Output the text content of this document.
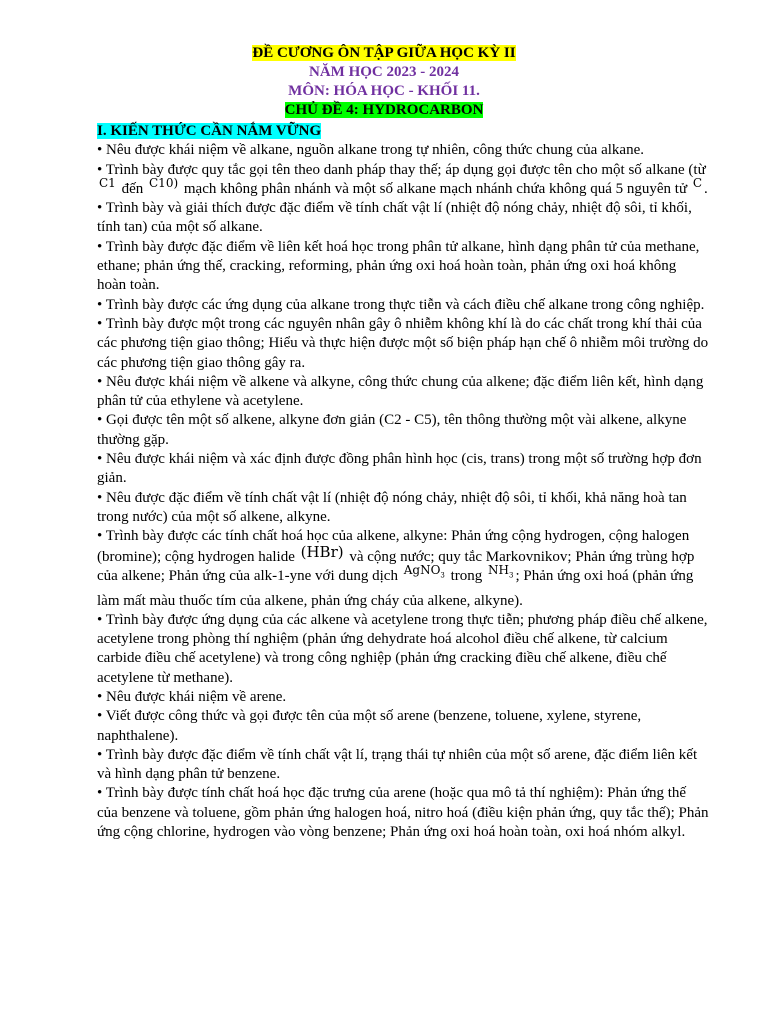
ĐỀ CƯƠNG ÔN TẬP GIỮA HỌC KỲ II
NĂM HỌC 2023 - 2024
MÔN: HÓA HỌC - KHỐI 11.
CHỦ ĐỀ 4: HYDROCARBON
I. KIẾN THỨC CẦN NẮM VỮNG

• Nêu được khái niệm về alkane, nguồn alkane trong tự nhiên, công thức chung của alkane.

• Trình bày được quy tắc gọi tên theo danh pháp thay thế; áp dụng gọi được tên cho một số alkane (từ $^{C1}$ đến $^{C10)}$ mạch không phân nhánh và một số alkane mạch nhánh chứa không quá 5 nguyên tử $^C$ .

• Trình bày và giải thích được đặc điểm về tính chất vật lí (nhiệt độ nóng chảy, nhiệt độ sôi, tỉ khối, tính tan) của một số alkane.

• Trình bày được đặc điểm về liên kết hoá học trong phân tử alkane, hình dạng phân tử của methane, ethane; phản ứng thế, cracking, reforming, phản ứng oxi hoá hoàn toàn, phản ứng oxi hoá không hoàn toàn.

• Trình bày được các ứng dụng của alkane trong thực tiễn và cách điều chế alkane trong công nghiệp.

• Trình bày được một trong các nguyên nhân gây ô nhiễm không khí là do các chất trong khí thải của các phương tiện giao thông; Hiểu và thực hiện được một số biện pháp hạn chế ô nhiễm môi trường do các phương tiện giao thông gây ra.

• Nêu được khái niệm về alkene và alkyne, công thức chung của alkene; đặc điểm liên kết, hình dạng phân tử của ethylene và acetylene.

• Gọi được tên một số alkene, alkyne đơn giản (C2 - C5), tên thông thường một vài alkene, alkyne thường gặp.

• Nêu được khái niệm và xác định được đồng phân hình học (cis, trans) trong một số trường hợp đơn giản.

• Nêu được đặc điểm về tính chất vật lí (nhiệt độ nóng chảy, nhiệt độ sôi, tỉ khối, khả năng hoà tan trong nước) của một số alkene, alkyne.

• Trình bày được các tính chất hoá học của alkene, alkyne: Phản ứng cộng hydrogen, cộng halogen (bromine); cộng hydrogen halide (HBr) và cộng nước; quy tắc Markovnikov; Phản ứng trùng hợp của alkene; Phản ứng của alk-1-yne với dung dịch $^{AgNO_3}$ trong $^{NH_3}$ ; Phản ứng oxi hoá (phản ứng làm mất màu thuốc tím của alkene, phản ứng cháy của alkene, alkyne).

• Trình bày được ứng dụng của các alkene và acetylene trong thực tiễn; phương pháp điều chế alkene, acetylene trong phòng thí nghiệm (phản ứng dehydrate hoá alcohol điều chế alkene, từ calcium carbide điều chế acetylene) và trong công nghiệp (phản ứng cracking điều chế alkene, điều chế acetylene từ methane).

• Nêu được khái niệm về arene.

• Viết được công thức và gọi được tên của một số arene (benzene, toluene, xylene, styrene, naphthalene).

• Trình bày được đặc điểm về tính chất vật lí, trạng thái tự nhiên của một số arene, đặc điểm liên kết và hình dạng phân tử benzene.

• Trình bày được tính chất hoá học đặc trưng của arene (hoặc qua mô tả thí nghiệm): Phản ứng thế của benzene và toluene, gồm phản ứng halogen hoá, nitro hoá (điều kiện phản ứng, quy tắc thế); Phản ứng cộng chlorine, hydrogen vào vòng benzene; Phản ứng oxi hoá hoàn toàn, oxi hoá nhóm alkyl.
